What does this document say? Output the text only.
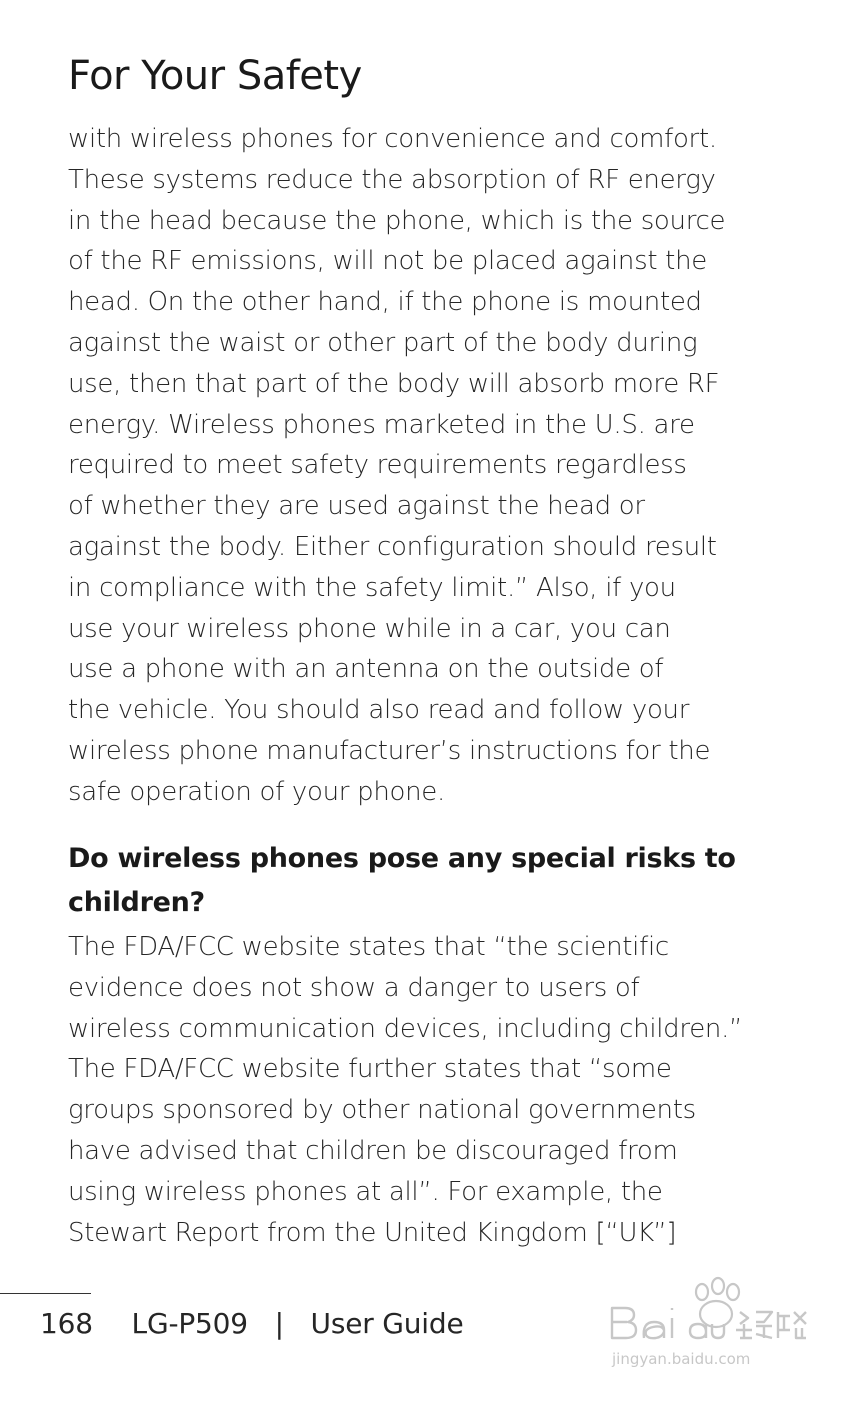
For Your Safety
with wireless phones for convenience and comfort.
These systems reduce the absorption of RF energy
in the head because the phone, which is the source
of the RF emissions, will not be placed against the
head. On the other hand, if the phone is mounted
against the waist or other part of the body during
use, then that part of the body will absorb more RF
energy. Wireless phones marketed in the U.S. are
required to meet safety requirements regardless
of whether they are used against the head or
against the body. Either configuration should result
in compliance with the safety limit.” Also, if you
use your wireless phone while in a car, you can
use a phone with an antenna on the outside of
the vehicle. You should also read and follow your
wireless phone manufacturer’s instructions for the
safe operation of your phone.
Do wireless phones pose any special risks to
children?
The FDA/FCC website states that “the scientific
evidence does not show a danger to users of
wireless communication devices, including children.”
The FDA/FCC website further states that “some
groups sponsored by other national governments
have advised that children be discouraged from
using wireless phones at all”. For example, the
Stewart Report from the United Kingdom [“UK”]
168 LG-P509 | User Guide
jingyan.baidu.com
